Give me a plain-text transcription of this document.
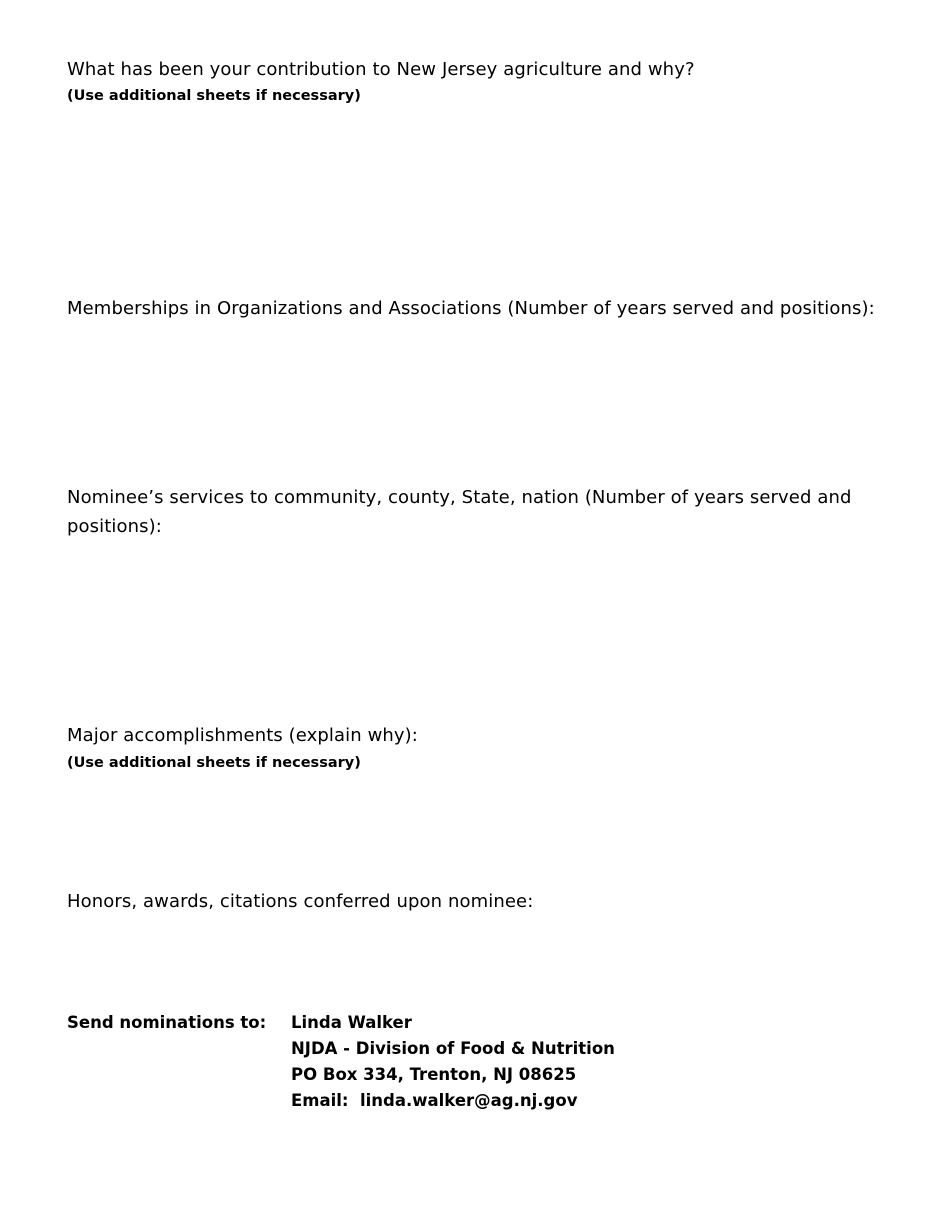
What has been your contribution to New Jersey agriculture and why?
(Use additional sheets if necessary)
Memberships in Organizations and Associations (Number of years served and positions):
Nominee’s services to community, county, State, nation (Number of years served and positions):
Major accomplishments (explain why):
(Use additional sheets if necessary)
Honors, awards, citations conferred upon nominee:
Send nominations to: Linda Walker
NJDA - Division of Food & Nutrition
PO Box 334, Trenton, NJ 08625
Email:  linda.walker@ag.nj.gov
